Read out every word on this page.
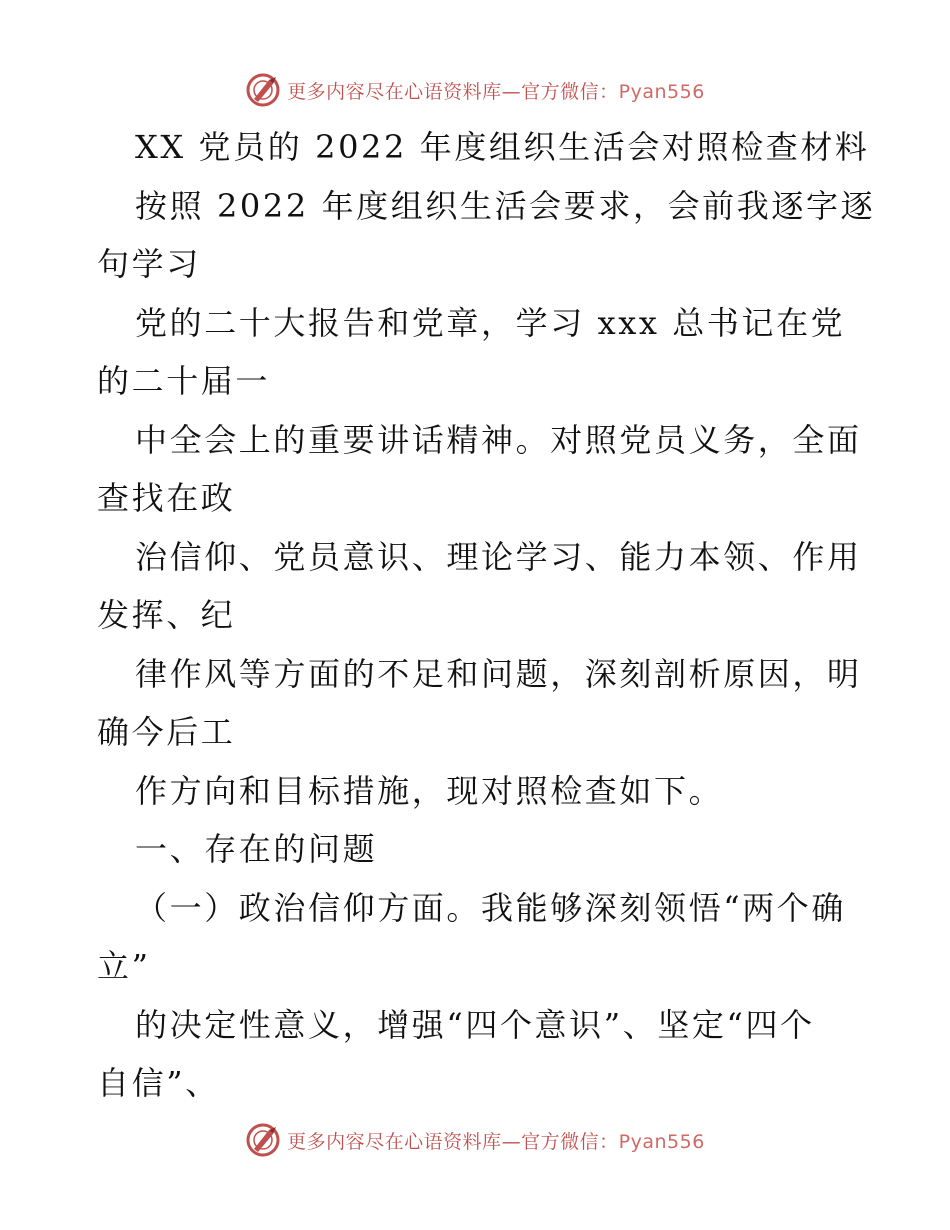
更多内容尽在心语资料库—官方微信：Pyan556
XX 党员的 2022 年度组织生活会对照检查材料
按照 2022 年度组织生活会要求，会前我逐字逐
句学习
党的二十大报告和党章，学习 xxx 总书记在党
的二十届一
中全会上的重要讲话精神。对照党员义务，全面
查找在政
治信仰、党员意识、理论学习、能力本领、作用
发挥、纪
律作风等方面的不足和问题，深刻剖析原因，明
确今后工
作方向和目标措施，现对照检查如下。
一、存在的问题
（一）政治信仰方面。我能够深刻领悟“两个确
立”
的决定性意义，增强“四个意识”、坚定“四个
自信”、
更多内容尽在心语资料库—官方微信：Pyan556
